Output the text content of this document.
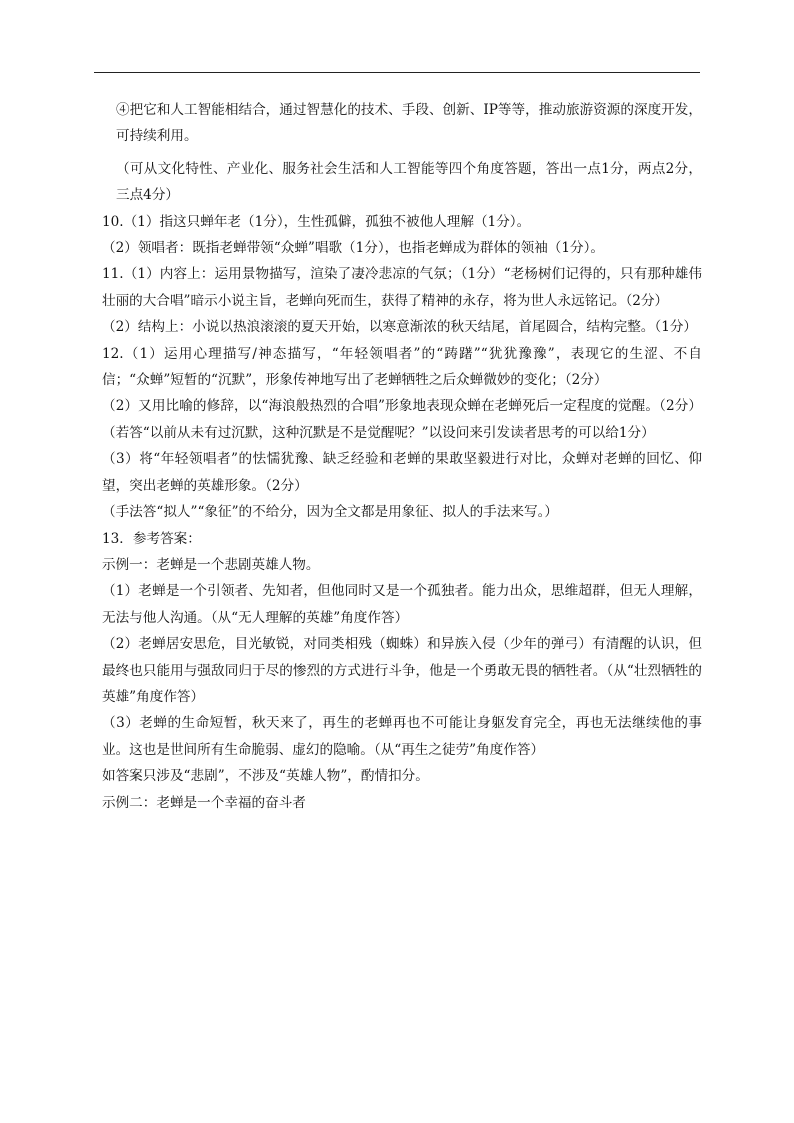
④把它和人工智能相结合，通过智慧化的技术、手段、创新、IP等等，推动旅游资源的深度开发，可持续利用。

（可从文化特性、产业化、服务社会生活和人工智能等四个角度答题，答出一点1分，两点2分，三点4分）

10.（1）指这只蝉年老（1分），生性孤僻，孤独不被他人理解（1分）。

（2）领唱者：既指老蝉带领“众蝉”唱歌（1分），也指老蝉成为群体的领袖（1分）。

11.（1）内容上：运用景物描写，渲染了凄冷悲凉的气氛；（1分）“老杨树们记得的，只有那种雄伟壮丽的大合唱”暗示小说主旨，老蝉向死而生，获得了精神的永存，将为世人永远铭记。（2分）

（2）结构上：小说以热浪滚滚的夏天开始，以寒意渐浓的秋天结尾，首尾圆合，结构完整。（1分）

12.（1）运用心理描写/神态描写，“年轻领唱者”的“踌躇”“犹犹豫豫”，表现它的生涩、不自信；“众蝉”短暂的“沉默”，形象传神地写出了老蝉牺牲之后众蝉微妙的变化；（2分）

（2）又用比喻的修辞，以“海浪般热烈的合唱”形象地表现众蝉在老蝉死后一定程度的觉醒。（2分）（若答“以前从未有过沉默，这种沉默是不是觉醒呢？”以设问来引发读者思考的可以给1分）

（3）将“年轻领唱者”的怯懦犹豫、缺乏经验和老蝉的果敢坚毅进行对比，众蝉对老蝉的回忆、仰望，突出老蝉的英雄形象。（2分）

（手法答“拟人”“象征”的不给分，因为全文都是用象征、拟人的手法来写。）

13．参考答案：

示例一：老蝉是一个悲剧英雄人物。

（1）老蝉是一个引领者、先知者，但他同时又是一个孤独者。能力出众，思维超群，但无人理解，无法与他人沟通。（从“无人理解的英雄”角度作答）

（2）老蝉居安思危，目光敏锐，对同类相残（蜘蛛）和异族入侵（少年的弹弓）有清醒的认识，但最终也只能用与强敌同归于尽的惨烈的方式进行斗争，他是一个勇敢无畏的牺牲者。（从“壮烈牺牲的英雄”角度作答）

（3）老蝉的生命短暂，秋天来了，再生的老蝉再也不可能让身躯发育完全，再也无法继续他的事业。这也是世间所有生命脆弱、虚幻的隐喻。（从“再生之徒劳”角度作答）

如答案只涉及“悲剧”，不涉及“英雄人物”，酌情扣分。

示例二：老蝉是一个幸福的奋斗者
